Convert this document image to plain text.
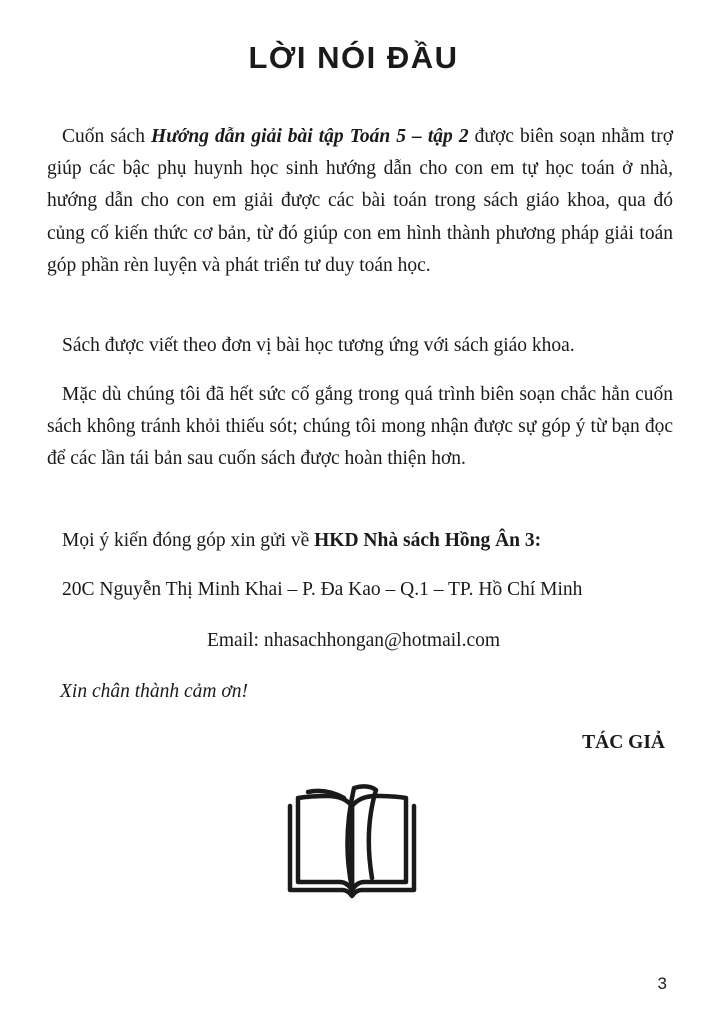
LỜI NÓI ĐẦU

Cuốn sách Hướng dẫn giải bài tập Toán 5 – tập 2 được biên soạn nhằm trợ giúp các bậc phụ huynh học sinh hướng dẫn cho con em tự học toán ở nhà, hướng dẫn cho con em giải được các bài toán trong sách giáo khoa, qua đó củng cố kiến thức cơ bản, từ đó giúp con em hình thành phương pháp giải toán góp phần rèn luyện và phát triển tư duy toán học.

Sách được viết theo đơn vị bài học tương ứng với sách giáo khoa.

Mặc dù chúng tôi đã hết sức cố gắng trong quá trình biên soạn chắc hẳn cuốn sách không tránh khỏi thiếu sót; chúng tôi mong nhận được sự góp ý từ bạn đọc để các lần tái bản sau cuốn sách được hoàn thiện hơn.

Mọi ý kiến đóng góp xin gửi về HKD Nhà sách Hồng Ân 3:

20C Nguyễn Thị Minh Khai – P. Đa Kao – Q.1 – TP. Hồ Chí Minh

Email: nhasachhongan@hotmail.com
Xin chân thành cảm ơn!
TÁC GIẢ
3
